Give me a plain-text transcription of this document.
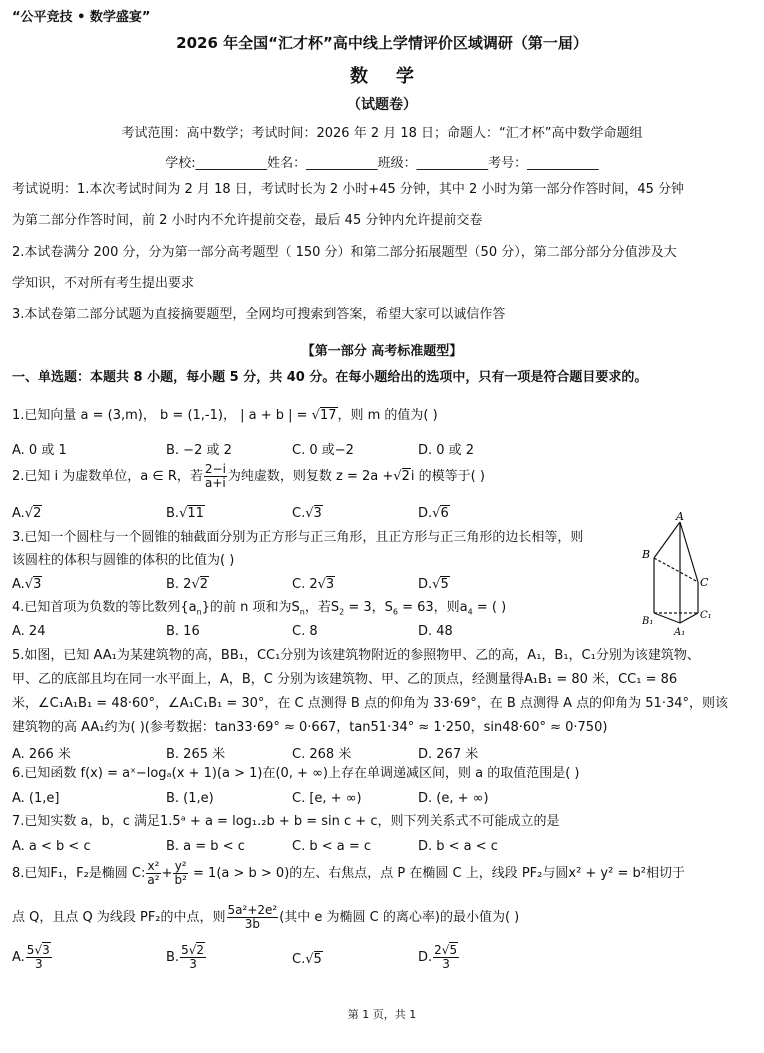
“公平竞技 • 数学盛宴”
2026 年全国“汇才杯”高中线上学情评价区域调研（第一届）
数学
（试题卷）
考试范围：高中数学；考试时间：2026 年 2 月 18 日；命题人：“汇才杯”高中数学命题组
学校:___________姓名：___________班级：___________考号：___________
考试说明：1.本次考试时间为 2 月 18 日，考试时长为 2 小时+45 分钟，其中 2 小时为第一部分作答时间，45 分钟
为第二部分作答时间，前 2 小时内不允许提前交卷，最后 45 分钟内允许提前交卷
2.本试卷满分 200 分，分为第一部分高考题型（ 150 分）和第二部分拓展题型（50 分），第二部分部分分值涉及大
学知识，不对所有考生提出要求
3.本试卷第二部分试题为直接摘要题型，全网均可搜索到答案，希望大家可以诚信作答
【第一部分 高考标准题型】
一、单选题：本题共 8 小题，每小题 5 分，共 40 分。在每小题给出的选项中，只有一项是符合题目要求的。
1.已知向量 a = (3,m)， b = (1,-1)， | a + b | = √17，则 m 的值为( )
A. 0 或 1	B. −2 或 2	C. 0 或−2	D. 0 或 2
2.已知 i 为虚数单位，a ∈ R，若 $\frac{2-i}{a+i}$ 为纯虚数，则复数 z = 2a +√2i 的模等于( )
A.√2	B.√11	C.√3	D.√6
3.已知一个圆柱与一个圆锥的轴截面分别为正方形与正三角形，且正方形与正三角形的边长相等，则
该圆柱的体积与圆锥的体积的比值为( )
A.√3	B. 2√2	C. 2√3	D.√5
4.已知首项为负数的等比数列$\{a_n\}$的前 n 项和为$S_n$，若$S_2 = 3$，$S_6 = 63$，则$a_4$ = ( )
A. 24	B. 16	C. 8	D. 48
A
B
C
B₁
A₁
C₁
5.如图，已知 AA₁为某建筑物的高，BB₁，CC₁分别为该建筑物附近的参照物甲、乙的高，A₁，B₁，C₁分别为该建筑物、
甲、乙的底部且均在同一水平面上，A，B，C 分别为该建筑物、甲、乙的顶点，经测量得A₁B₁ = 80 米，CC₁ = 86
米，∠C₁A₁B₁ = 48·60°，∠A₁C₁B₁ = 30°，在 C 点测得 B 点的仰角为 33·69°，在 B 点测得 A 点的仰角为 51·34°，则该
建筑物的高 AA₁约为( )(参考数据：tan33·69° ≈ 0·667，tan51·34° ≈ 1·250，sin48·60° ≈ 0·750)
A. 266 米	B. 265 米	C. 268 米	D. 267 米
6.已知函数 f(x) = aˣ−logₐ(x + 1)(a > 1)在(0, + ∞)上存在单调递减区间，则 a 的取值范围是( )
A. (1,e]	B. (1,e)	C. [e, + ∞)	D. (e, + ∞)
7.已知实数 a，b，c 满足1.5ᵃ + a = log₁.₂b + b = sin c + c，则下列关系式不可能成立的是
A. a < b < c	B. a = b < c	C. b < a = c	D. b < a < c
8.已知F₁，F₂是椭圆 C: $\frac{\text{x²}}{\text{a²}} + \frac{\text{y²}}{\text{b²}} = 1(a > b > 0)$的左、右焦点，点 P 在椭圆 C 上，线段 PF₂与圆x² + y² = b²相切于
点 Q，且点 Q 为线段 PF₂的中点，则 $\frac{\text{5a²+2e²}}{3b}$ (其中 e 为椭圆 C 的离心率)的最小值为( )
A. $\frac{5√3}{3}$	B. $\frac{5√2}{3}$	C.√5	D. $\frac{2√5}{3}$
第 1 页，共 1
